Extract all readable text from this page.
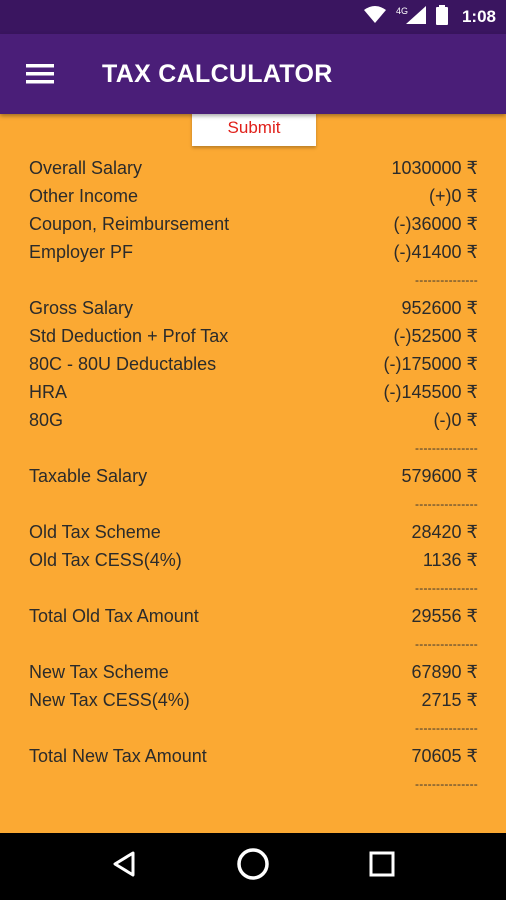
4G	1:08
TAX CALCULATOR
Submit
Overall Salary	1030000 ₹
Other Income	(+)0 ₹
Coupon, Reimbursement	(-)36000 ₹
Employer PF	(-)41400 ₹
---------------
Gross Salary	952600 ₹
Std Deduction + Prof Tax	(-)52500 ₹
80C - 80U Deductables	(-)175000 ₹
HRA	(-)145500 ₹
80G	(-)0 ₹
---------------
Taxable Salary	579600 ₹
---------------
Old Tax Scheme	28420 ₹
Old Tax CESS(4%)	1136 ₹
---------------
Total Old Tax Amount	29556 ₹
---------------
New Tax Scheme	67890 ₹
New Tax CESS(4%)	2715 ₹
---------------
Total New Tax Amount	70605 ₹
---------------
